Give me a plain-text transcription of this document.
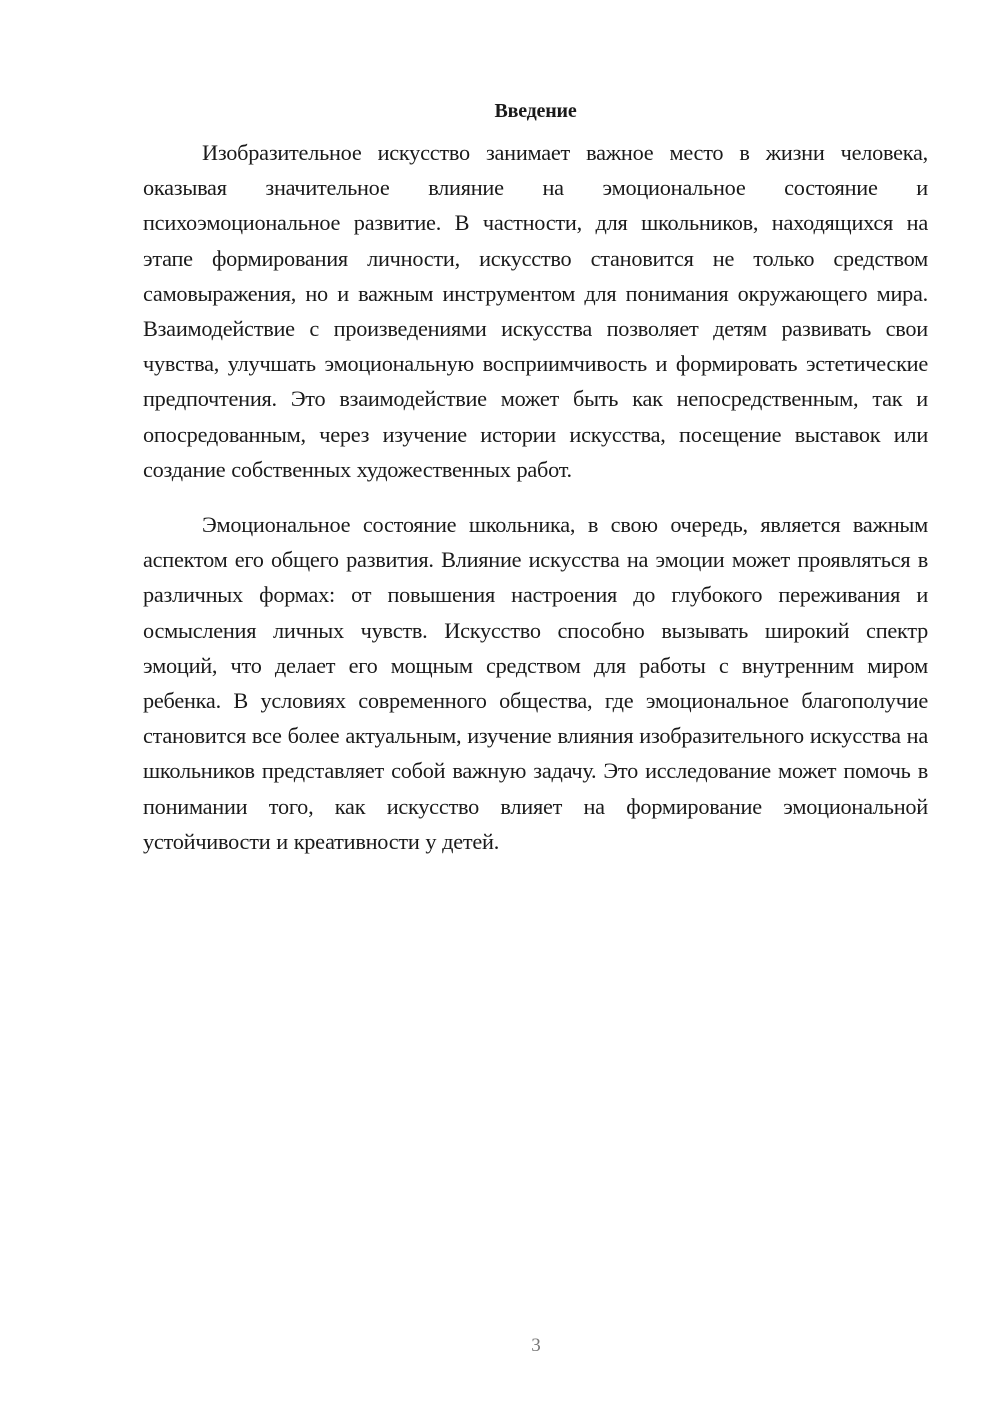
Введение

Изобразительное искусство занимает важное место в жизни человека, оказывая значительное влияние на эмоциональное состояние и психоэмоциональное развитие. В частности, для школьников, находящихся на этапе формирования личности, искусство становится не только средством самовыражения, но и важным инструментом для понимания окружающего мира. Взаимодействие с произведениями искусства позволяет детям развивать свои чувства, улучшать эмоциональную восприимчивость и формировать эстетические предпочтения. Это взаимодействие может быть как непосредственным, так и опосредованным, через изучение истории искусства, посещение выставок или создание собственных художественных работ.

Эмоциональное состояние школьника, в свою очередь, является важным аспектом его общего развития. Влияние искусства на эмоции может проявляться в различных формах: от повышения настроения до глубокого переживания и осмысления личных чувств. Искусство способно вызывать широкий спектр эмоций, что делает его мощным средством для работы с внутренним миром ребенка. В условиях современного общества, где эмоциональное благополучие становится все более актуальным, изучение влияния изобразительного искусства на школьников представляет собой важную задачу. Это исследование может помочь в понимании того, как искусство влияет на формирование эмоциональной устойчивости и креативности у детей.

3
